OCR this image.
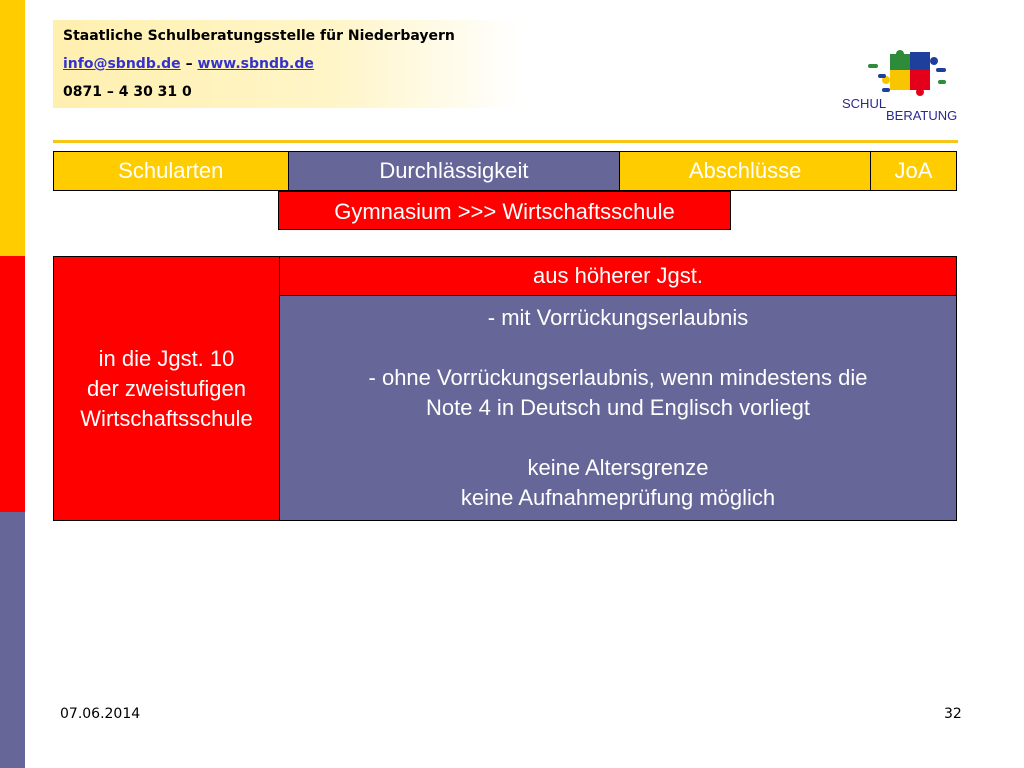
Staatliche Schulberatungsstelle für Niederbayern
info@sbndb.de – www.sbndb.de
0871 – 4 30 31 0
SCHUL
BERATUNG
Schularten	Durchlässigkeit	Abschlüsse	JoA
Gymnasium >>> Wirtschaftsschule
in die Jgst. 10
der zweistufigen
Wirtschaftsschule
	aus höherer Jgst.

- mit Vorrückungserlaubnis

- ohne Vorrückungserlaubnis, wenn mindestens die
Note 4 in Deutsch und Englisch vorliegt

keine Altersgrenze
keine Aufnahmeprüfung möglich
07.06.2014	32
